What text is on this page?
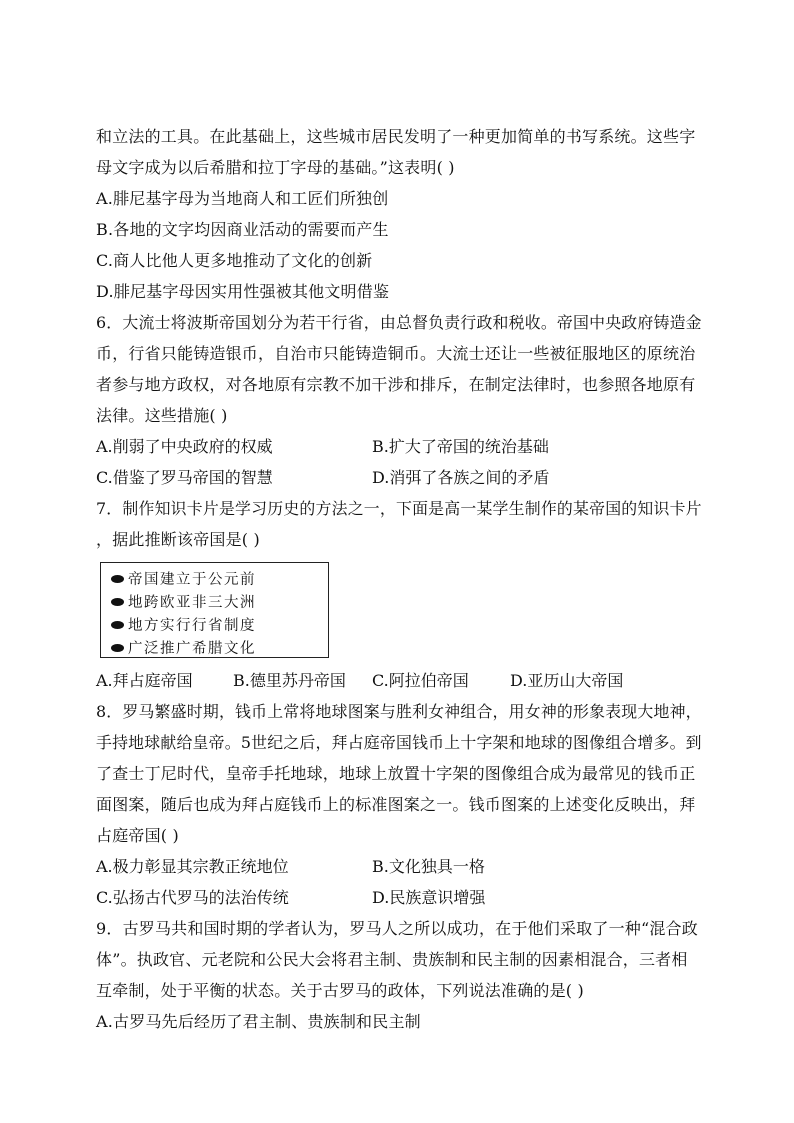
和立法的工具。在此基础上，这些城市居民发明了一种更加简单的书写系统。这些字
母文字成为以后希腊和拉丁字母的基础。”这表明( )
A.腓尼基字母为当地商人和工匠们所独创
B.各地的文字均因商业活动的需要而产生
C.商人比他人更多地推动了文化的创新
D.腓尼基字母因实用性强被其他文明借鉴
6．大流士将波斯帝国划分为若干行省，由总督负责行政和税收。帝国中央政府铸造金
币，行省只能铸造银币，自治市只能铸造铜币。大流士还让一些被征服地区的原统治
者参与地方政权，对各地原有宗教不加干涉和排斥，在制定法律时，也参照各地原有
法律。这些措施( )
A.削弱了中央政府的权威	B.扩大了帝国的统治基础
C.借鉴了罗马帝国的智慧	D.消弭了各族之间的矛盾
7．制作知识卡片是学习历史的方法之一，下面是高一某学生制作的某帝国的知识卡片
，据此推断该帝国是( )
帝国建立于公元前
地跨欧亚非三大洲
地方实行行省制度
广泛推广希腊文化
A.拜占庭帝国	B.德里苏丹帝国 C.阿拉伯帝国	D.亚历山大帝国
8．罗马繁盛时期，钱币上常将地球图案与胜利女神组合，用女神的形象表现大地神，
手持地球献给皇帝。5世纪之后，拜占庭帝国钱币上十字架和地球的图像组合增多。到
了查士丁尼时代，皇帝手托地球，地球上放置十字架的图像组合成为最常见的钱币正
面图案，随后也成为拜占庭钱币上的标准图案之一。钱币图案的上述变化反映出，拜
占庭帝国( )
A.极力彰显其宗教正统地位	B.文化独具一格
C.弘扬古代罗马的法治传统	D.民族意识增强
9．古罗马共和国时期的学者认为，罗马人之所以成功，在于他们采取了一种“混合政
体”。执政官、元老院和公民大会将君主制、贵族制和民主制的因素相混合，三者相
互牵制，处于平衡的状态。关于古罗马的政体，下列说法准确的是( )
A.古罗马先后经历了君主制、贵族制和民主制
